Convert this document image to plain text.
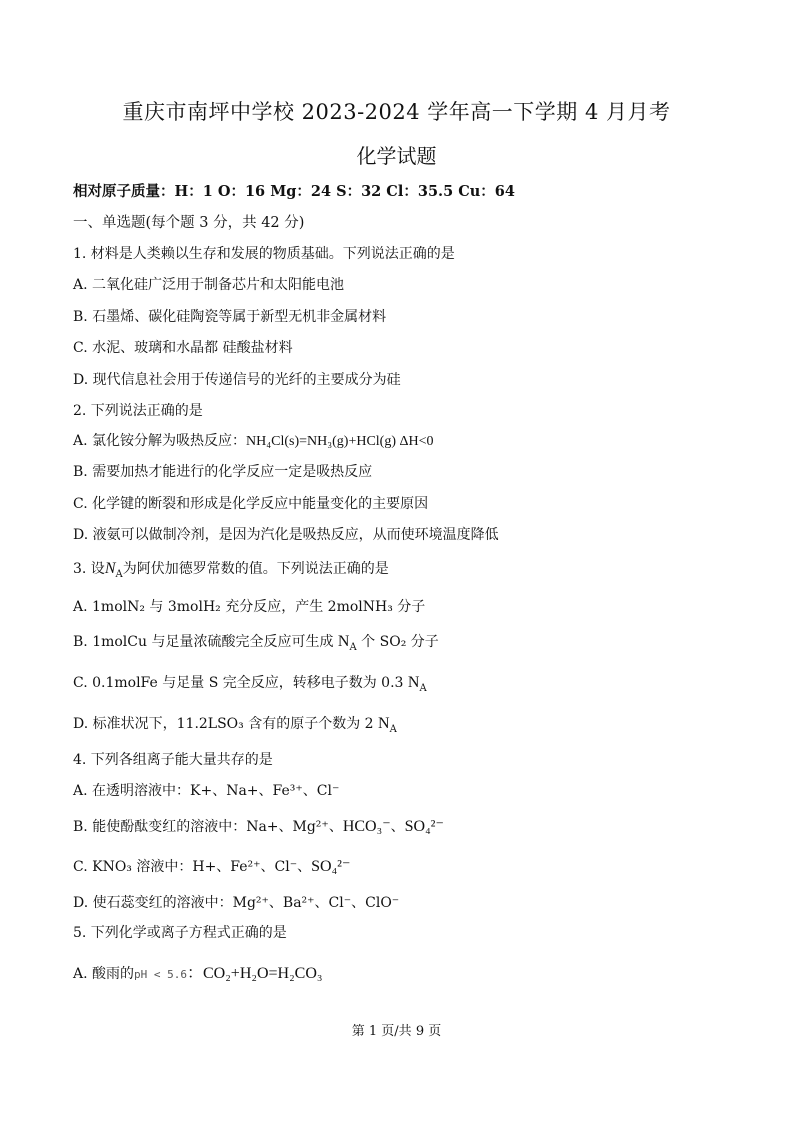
重庆市南坪中学校 2023-2024 学年高一下学期 4 月月考
化学试题
相对原子质量：H：1 O：16 Mg：24 S：32 Cl：35.5 Cu：64
一、单选题(每个题 3 分，共 42 分)
1. 材料是人类赖以生存和发展的物质基础。下列说法正确的是
A. 二氧化硅广泛用于制备芯片和太阳能电池
B. 石墨烯、碳化硅陶瓷等属于新型无机非金属材料
C. 水泥、玻璃和水晶都 硅酸盐材料
D. 现代信息社会用于传递信号的光纤的主要成分为硅
2. 下列说法正确的是
A. 氯化铵分解为吸热反应：NH₄Cl(s)=NH₃(g)+HCl(g) ΔH<0
B. 需要加热才能进行的化学反应一定是吸热反应
C. 化学键的断裂和形成是化学反应中能量变化的主要原因
D. 液氨可以做制冷剂，是因为汽化是吸热反应，从而使环境温度降低
3. 设$N_A$为阿伏加德罗常数的值。下列说法正确的是
A. 1molN₂ 与 3molH₂ 充分反应，产生 2molNH₃ 分子
B. 1molCu 与足量浓硫酸完全反应可生成 $N_A$ 个 SO₂ 分子
C. 0.1molFe 与足量 S 完全反应，转移电子数为 0.3 $N_A$
D. 标准状况下，11.2LSO₃ 含有的原子个数为 2 $N_A$
4. 下列各组离子能大量共存的是
A. 在透明溶液中：K+、Na+、Fe³⁺、Cl⁻
B. 能使酚酞变红的溶液中：Na+、Mg²⁺、HCO₃⁻、SO₄²⁻
C. KNO₃ 溶液中：H+、Fe²⁺、Cl⁻、SO₄²⁻
D. 使石蕊变红的溶液中：Mg²⁺、Ba²⁺、Cl⁻、ClO⁻
5. 下列化学或离子方程式正确的是
A. 酸雨的pH < 5.6：CO₂+H₂O=H₂CO₃
第 1 页/共 9 页
